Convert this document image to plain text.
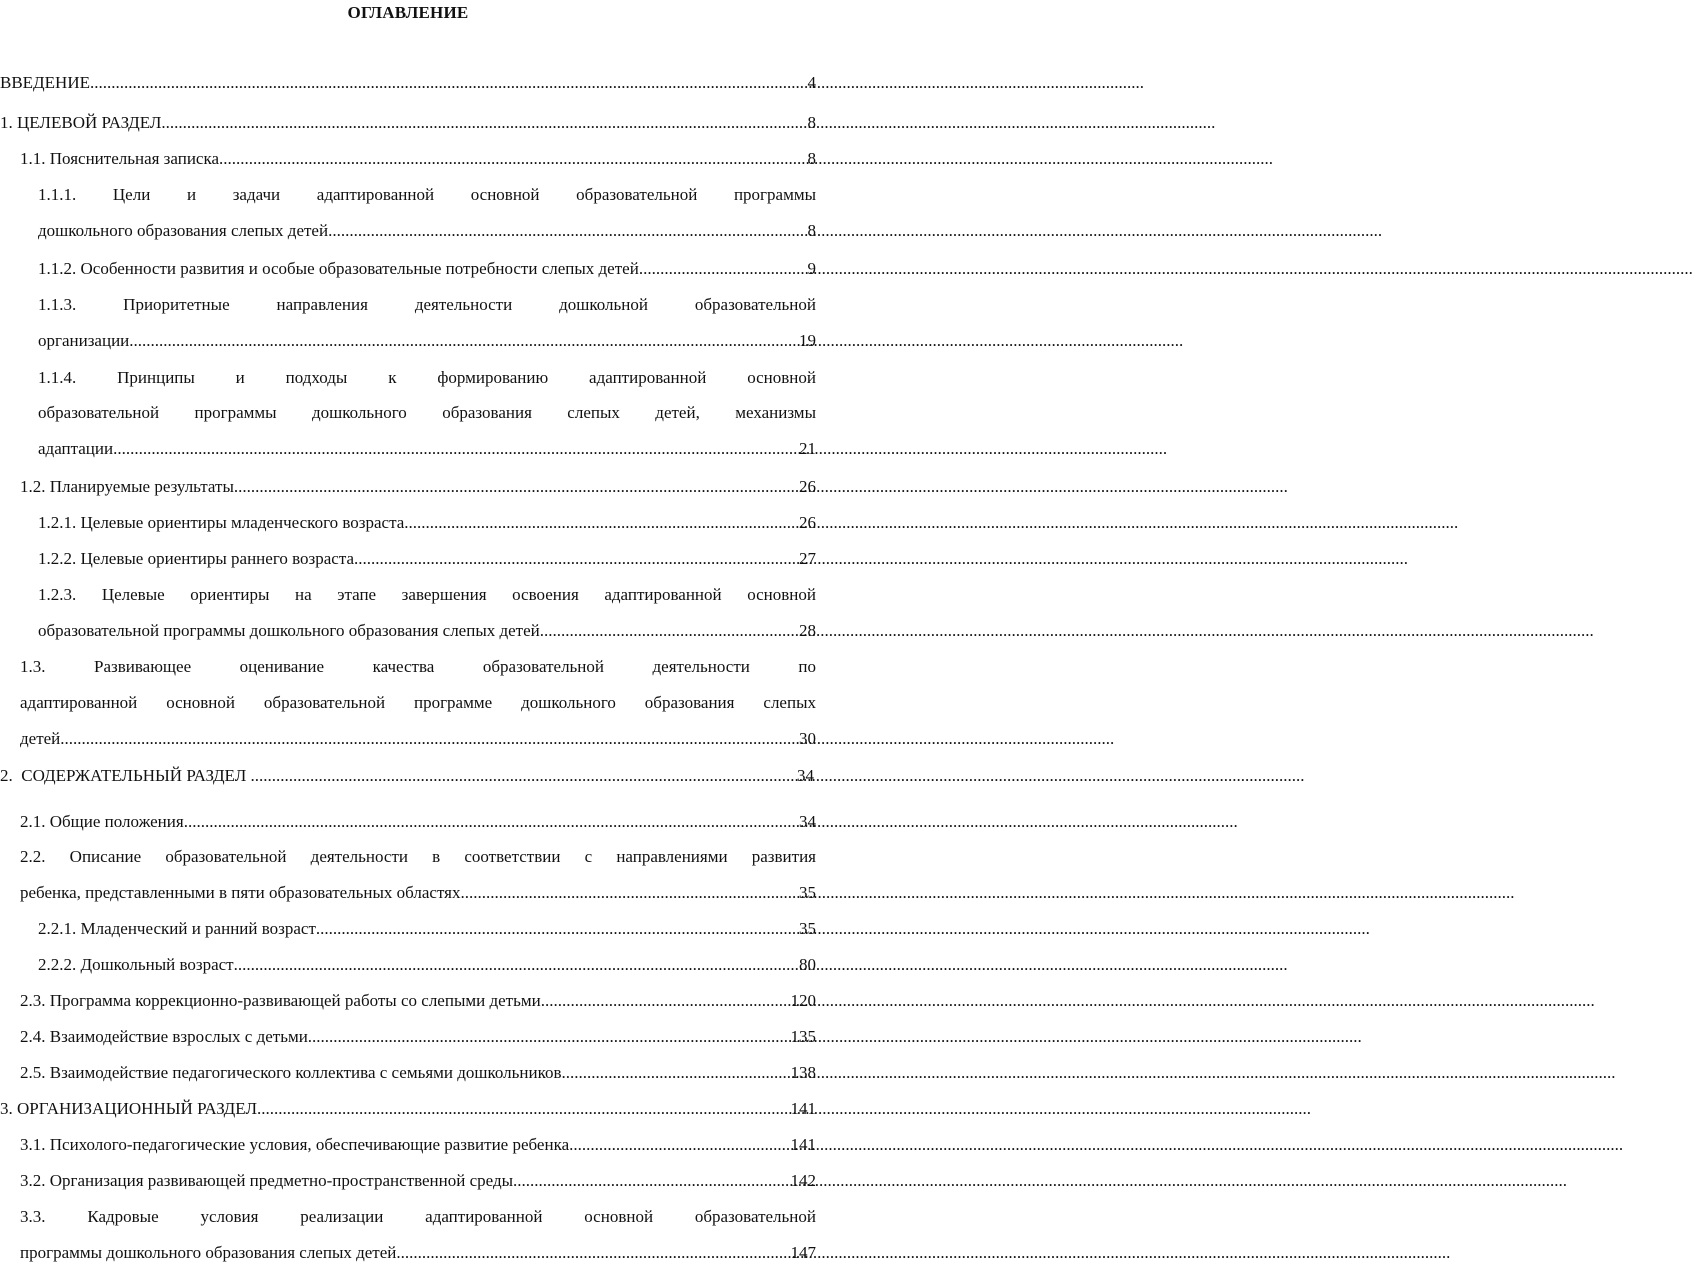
ОГЛАВЛЕНИЕ
ВВЕДЕНИЕ .....	4
1. ЦЕЛЕВОЙ РАЗДЕЛ .....	8
1.1. Пояснительная записка .....	8
1.1.1. Цели и задачи адаптированной основной образовательной программы
дошкольного образования слепых детей .....	8
1.1.2. Особенности развития и особые образовательные потребности слепых детей .....	9
1.1.3. Приоритетные направления деятельности дошкольной образовательной
организации .....	19
1.1.4. Принципы и подходы к формированию адаптированной основной
образовательной программы дошкольного образования слепых детей, механизмы
адаптации .....	21
1.2. Планируемые результаты .....	26
1.2.1. Целевые ориентиры младенческого возраста .....	26
1.2.2. Целевые ориентиры раннего возраста .....	27
1.2.3. Целевые ориентиры на этапе завершения освоения адаптированной основной
образовательной программы дошкольного образования слепых детей .....	28
1.3. Развивающее оценивание качества образовательной деятельности по
адаптированной основной образовательной программе дошкольного образования слепых
детей .....	30
2.  СОДЕРЖАТЕЛЬНЫЙ РАЗДЕЛ .....	34
2.1. Общие положения .....	34
2.2. Описание образовательной деятельности в соответствии с направлениями развития
ребенка, представленными в пяти образовательных областях .....	35
2.2.1. Младенческий и ранний возраст .....	35
2.2.2. Дошкольный возраст .....	80
2.3. Программа коррекционно-развивающей работы со слепыми детьми .....	120
2.4. Взаимодействие взрослых с детьми .....	135
2.5. Взаимодействие педагогического коллектива с семьями дошкольников .....	138
3. ОРГАНИЗАЦИОННЫЙ РАЗДЕЛ .....	141
3.1. Психолого-педагогические условия, обеспечивающие развитие ребенка .....	141
3.2. Организация развивающей предметно-пространственной среды .....	142
3.3. Кадровые условия реализации адаптированной основной образовательной
программы дошкольного образования слепых детей .....	147
